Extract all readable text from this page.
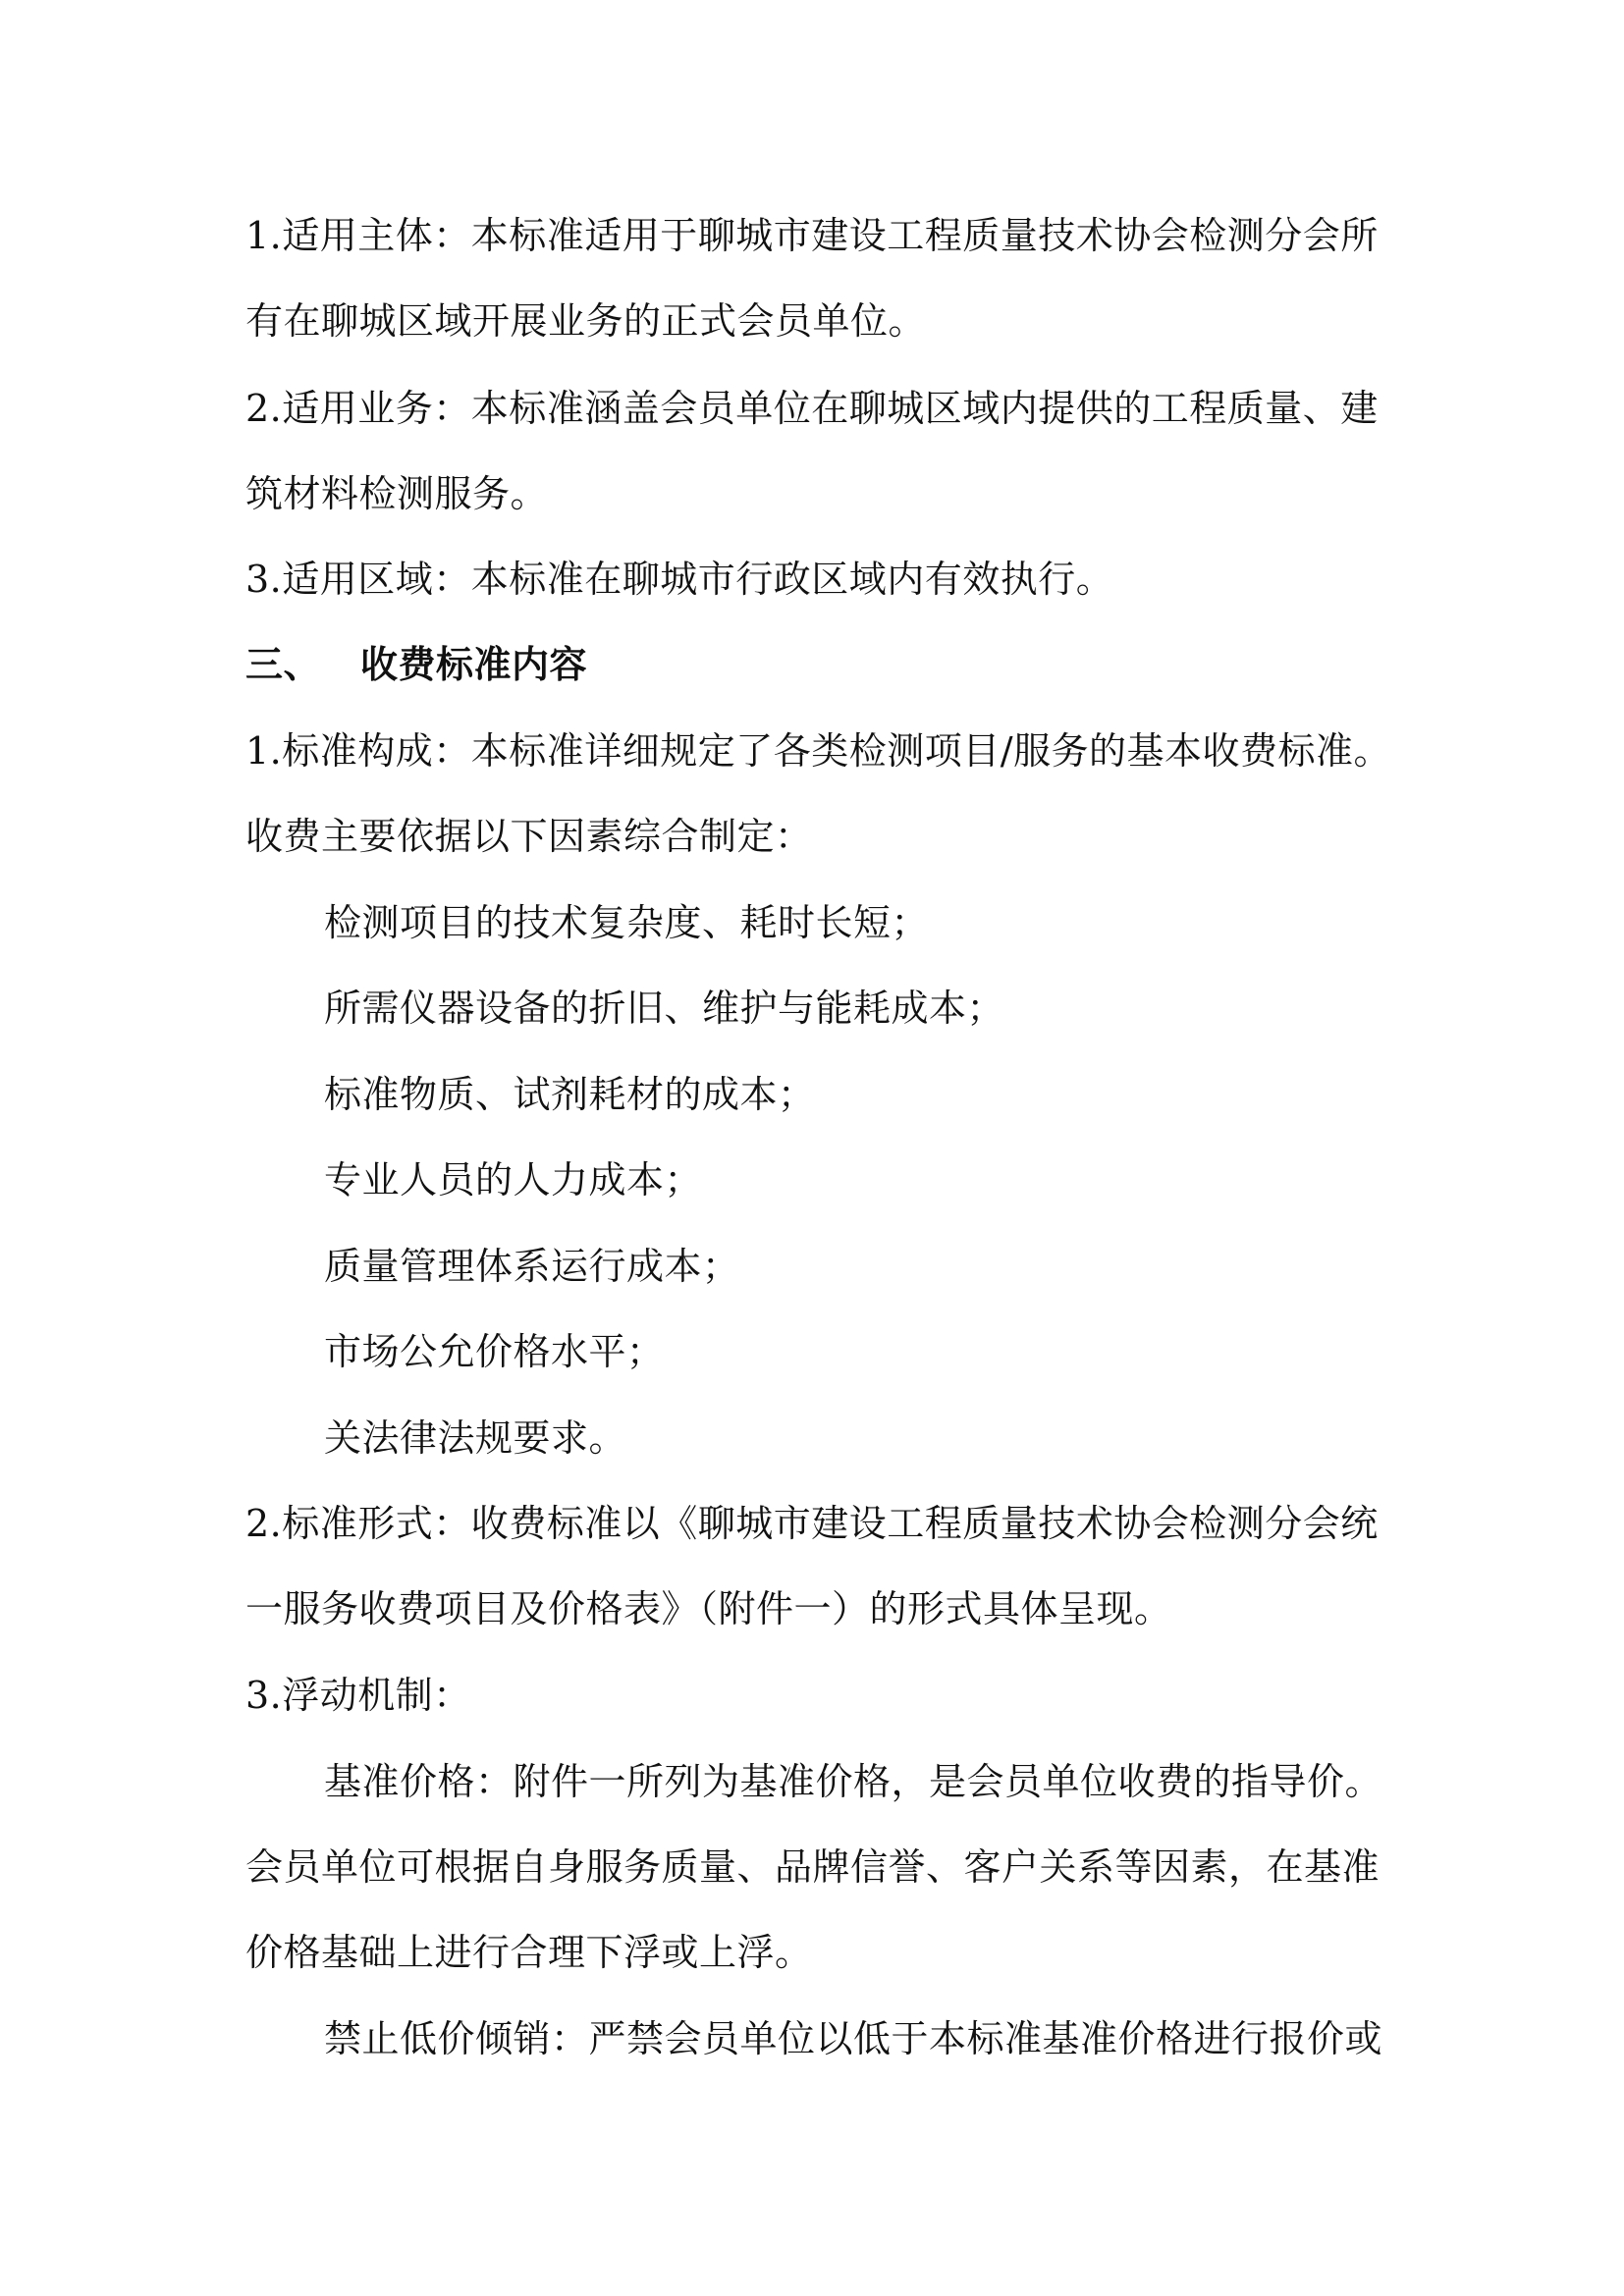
1.适用主体：本标准适用于聊城市建设工程质量技术协会检测分会所
有在聊城区域开展业务的正式会员单位。
2.适用业务：本标准涵盖会员单位在聊城区域内提供的工程质量、建
筑材料检测服务。
3.适用区域：本标准在聊城市行政区域内有效执行。
三、 收费标准内容
1.标准构成：本标准详细规定了各类检测项目/服务的基本收费标准。
收费主要依据以下因素综合制定：
检测项目的技术复杂度、耗时长短；
所需仪器设备的折旧、维护与能耗成本；
标准物质、试剂耗材的成本；
专业人员的人力成本；
质量管理体系运行成本；
市场公允价格水平；
关法律法规要求。
2.标准形式：收费标准以《聊城市建设工程质量技术协会检测分会统
一服务收费项目及价格表》（附件一）的形式具体呈现。
3.浮动机制：
基准价格：附件一所列为基准价格，是会员单位收费的指导价。
会员单位可根据自身服务质量、品牌信誉、客户关系等因素，在基准
价格基础上进行合理下浮或上浮。
禁止低价倾销：严禁会员单位以低于本标准基准价格进行报价或
